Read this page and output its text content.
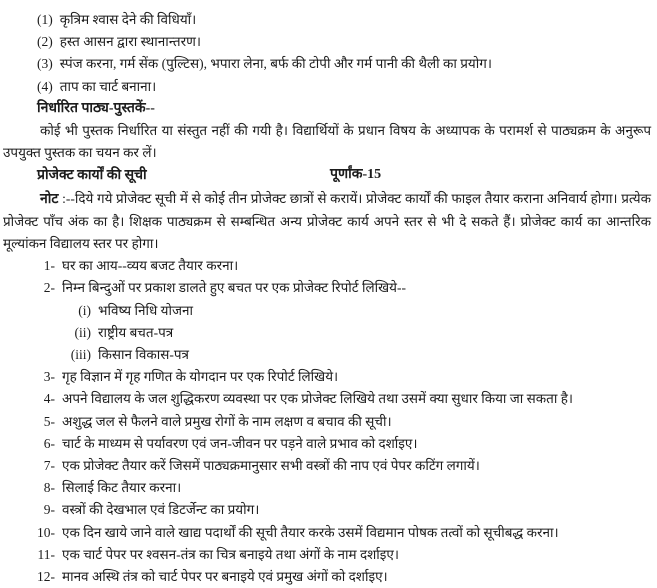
(1) कृत्रिम श्वास देने की विधियाँ।
(2) हस्त आसन द्वारा स्थानान्तरण।
(3) स्पंज करना, गर्म सेंक (पुल्टिस), भपारा लेना, बर्फ की टोपी और गर्म पानी की थैली का प्रयोग।
(4) ताप का चार्ट बनाना।
निर्धारित पाठ्य-पुस्तकें--

कोई भी पुस्तक निर्धारित या संस्तुत नहीं की गयी है। विद्यार्थियों के प्रधान विषय के अध्यापक के परामर्श से पाठ्यक्रम के अनुरूप उपयुक्त पुस्तक का चयन कर लें।

प्रोजेक्ट कार्यों की सूची	पूर्णांक-15

नोट :--दिये गये प्रोजेक्ट सूची में से कोई तीन प्रोजेक्ट छात्रों से करायें। प्रोजेक्ट कार्यों की फाइल तैयार कराना अनिवार्य होगा। प्रत्येक प्रोजेक्ट पाँच अंक का है। शिक्षक पाठ्यक्रम से सम्बन्धित अन्य प्रोजेक्ट कार्य अपने स्तर से भी दे सकते हैं। प्रोजेक्ट कार्य का आन्तरिक मूल्यांकन विद्यालय स्तर पर होगा।

1- घर का आय--व्यय बजट तैयार करना।
2- निम्न बिन्दुओं पर प्रकाश डालते हुए बचत पर एक प्रोजेक्ट रिपोर्ट लिखिये--
(i) भविष्य निधि योजना
(ii) राष्ट्रीय बचत-पत्र
(iii) किसान विकास-पत्र
3- गृह विज्ञान में गृह गणित के योगदान पर एक रिपोर्ट लिखिये।
4- अपने विद्यालय के जल शुद्धिकरण व्यवस्था पर एक प्रोजेक्ट लिखिये तथा उसमें क्या सुधार किया जा सकता है।
5- अशुद्ध जल से फैलने वाले प्रमुख रोगों के नाम लक्षण व बचाव की सूची।
6- चार्ट के माध्यम से पर्यावरण एवं जन-जीवन पर पड़ने वाले प्रभाव को दर्शाइए।
7- एक प्रोजेक्ट तैयार करें जिसमें पाठ्यक्रमानुसार सभी वस्त्रों की नाप एवं पेपर कटिंग लगायें।
8- सिलाई किट तैयार करना।
9- वस्त्रों की देखभाल एवं डिटर्जेन्ट का प्रयोग।
10- एक दिन खाये जाने वाले खाद्य पदार्थों की सूची तैयार करके उसमें विद्यमान पोषक तत्वों को सूचीबद्ध करना।
11- एक चार्ट पेपर पर श्वसन-तंत्र का चित्र बनाइये तथा अंगों के नाम दर्शाइए।
12- मानव अस्थि तंत्र को चार्ट पेपर पर बनाइये एवं प्रमुख अंगों को दर्शाइए।
